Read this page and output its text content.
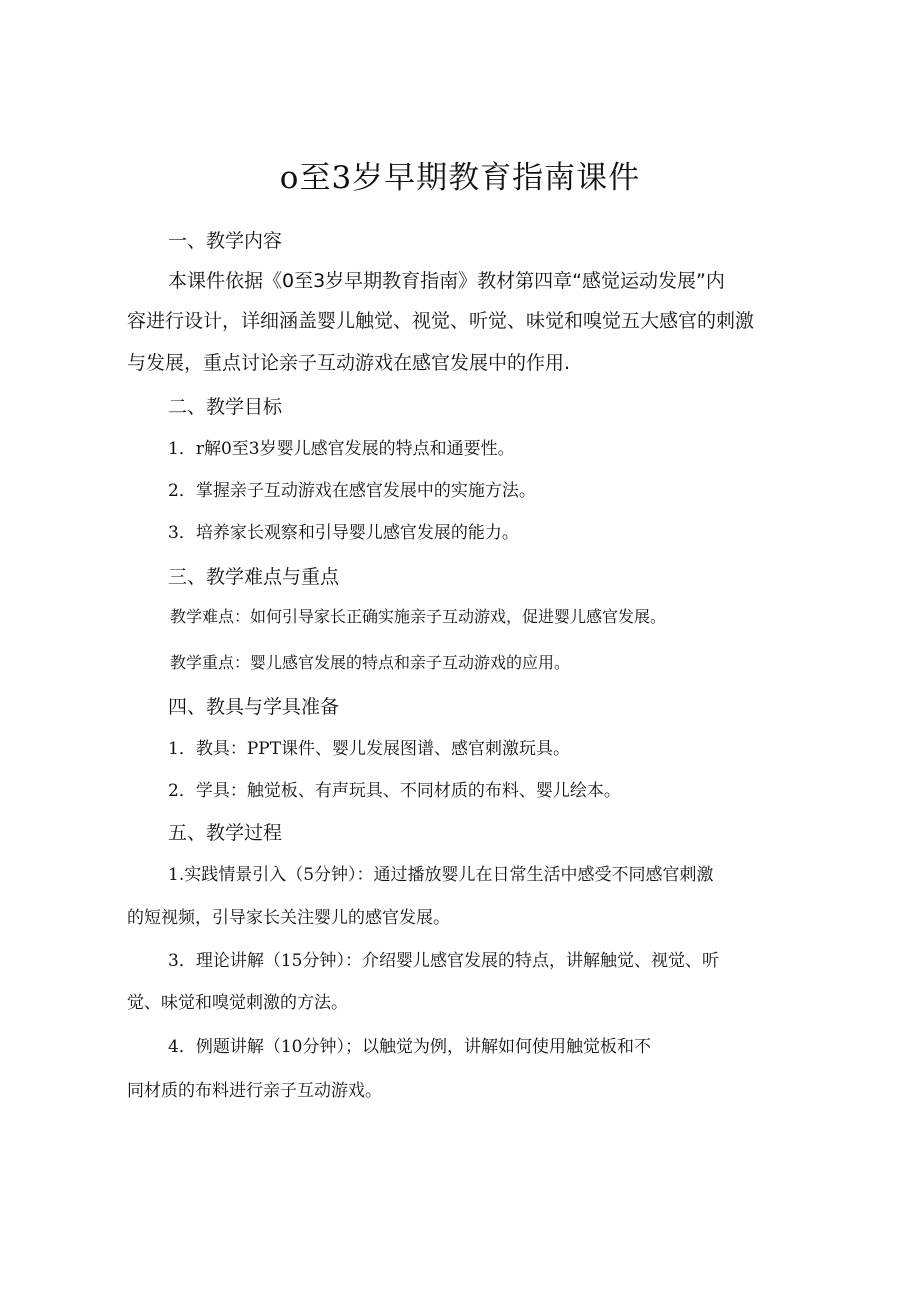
o至3岁早期教育指南课件
一、教学内容
本课件依据《0至3岁早期教育指南》教材第四章“感觉运动发展”内
容进行设计，详细涵盖婴儿触觉、视觉、听觉、味觉和嗅觉五大感官的刺激
与发展，重点讨论亲子互动游戏在感官发展中的作用.
二、教学目标
1．r解0至3岁婴儿感官发展的特点和通要性。
2．掌握亲子互动游戏在感官发展中的实施方法。
3．培养家长观察和引导婴儿感官发展的能力。
三、教学难点与重点
教学难点：如何引导家长正确实施亲子互动游戏，促进婴儿感官发展。
教学重点：婴儿感官发展的特点和亲子互动游戏的应用。
四、教具与学具准备
1．教具：PPT课件、婴儿发展图谱、感官刺激玩具。
2．学具：触觉板、有声玩具、不同材质的布料、婴儿绘本。
五、教学过程
1.实践情景引入（5分钟）：通过播放婴儿在日常生活中感受不同感官刺激
的短视频，引导家长关注婴儿的感官发展。
3．理论讲解（15分钟）：介绍婴儿感官发展的特点，讲解触觉、视觉、听
觉、味觉和嗅觉刺激的方法。
4．例题讲解（10分钟）；以触觉为例，讲解如何使用触觉板和不
同材质的布料进行亲子互动游戏。
